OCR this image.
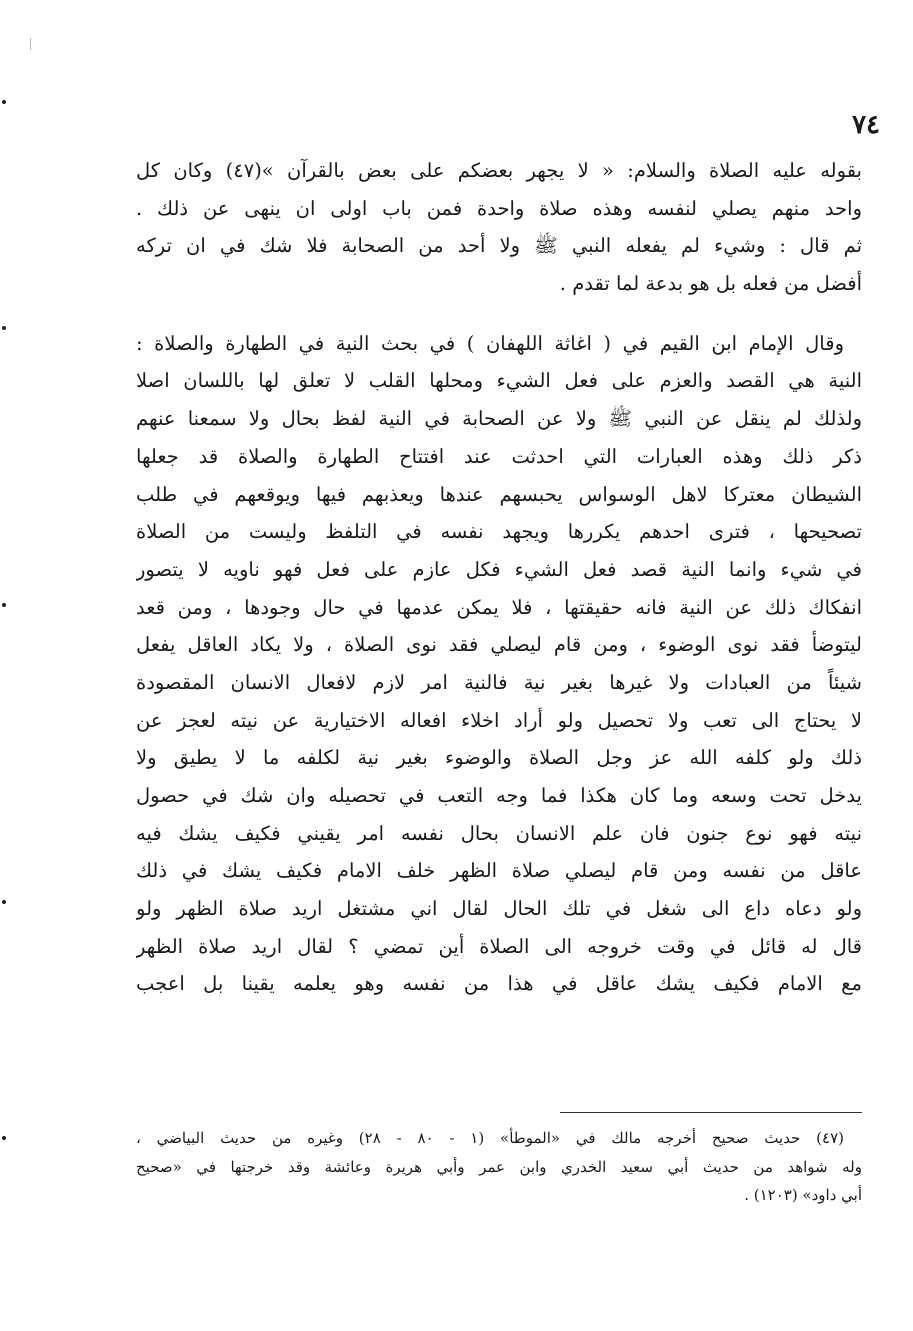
٧٤
بقوله عليه الصلاة والسلام: « لا يجهر بعضكم على بعض بالقرآن »(٤٧) وكان كل
واحد منهم يصلي لنفسه وهذه صلاة واحدة فمن باب اولى ان ينهى عن ذلك .
ثم قال : وشيء لم يفعله النبي ﷺ ولا أحد من الصحابة فلا شك في ان تركه
أفضل من فعله بل هو بدعة لما تقدم .
وقال الإمام ابن القيم في ( اغاثة اللهفان ) في بحث النية في الطهارة والصلاة :
النية هي القصد والعزم على فعل الشيء ومحلها القلب لا تعلق لها باللسان اصلا
ولذلك لم ينقل عن النبي ﷺ ولا عن الصحابة في النية لفظ بحال ولا سمعنا عنهم
ذكر ذلك وهذه العبارات التي احدثت عند افتتاح الطهارة والصلاة قد جعلها
الشيطان معتركا لاهل الوسواس يحبسهم عندها ويعذبهم فيها ويوقعهم في طلب
تصحيحها ، فترى احدهم يكررها ويجهد نفسه في التلفظ وليست من الصلاة
في شيء وانما النية قصد فعل الشيء فكل عازم على فعل فهو ناويه لا يتصور
انفكاك ذلك عن النية فانه حقيقتها ، فلا يمكن عدمها في حال وجودها ، ومن قعد
ليتوضأ فقد نوى الوضوء ، ومن قام ليصلي فقد نوى الصلاة ، ولا يكاد العاقل يفعل
شيئاً من العبادات ولا غيرها بغير نية فالنية امر لازم لافعال الانسان المقصودة
لا يحتاج الى تعب ولا تحصيل ولو أراد اخلاء افعاله الاختيارية عن نيته لعجز عن
ذلك ولو كلفه الله عز وجل الصلاة والوضوء بغير نية لكلفه ما لا يطيق ولا
يدخل تحت وسعه وما كان هكذا فما وجه التعب في تحصيله وان شك في حصول
نيته فهو نوع جنون فان علم الانسان بحال نفسه امر يقيني فكيف يشك فيه
عاقل من نفسه ومن قام ليصلي صلاة الظهر خلف الامام فكيف يشك في ذلك
ولو دعاه داع الى شغل في تلك الحال لقال اني مشتغل اريد صلاة الظهر ولو
قال له قائل في وقت خروجه الى الصلاة أين تمضي ؟ لقال اريد صلاة الظهر
مع الامام فكيف يشك عاقل في هذا من نفسه وهو يعلمه يقينا بل اعجب
(٤٧) حديث صحيح أخرجه مالك في «الموطأ» (١ - ٨٠ - ٢٨) وغيره من حديث البياضي ،
وله شواهد من حديث أبي سعيد الخدري وابن عمر وأبي هريرة وعائشة وقد خرجتها في «صحيح
أبي داود» (١٢٠٣) .
